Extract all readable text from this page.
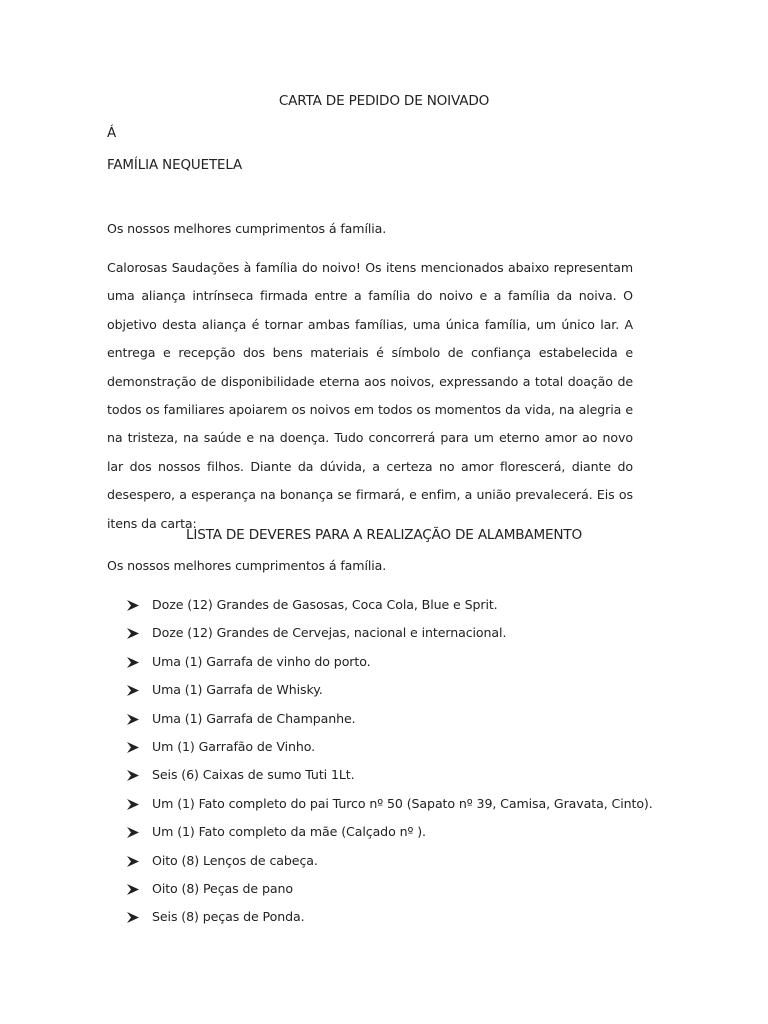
CARTA DE PEDIDO DE NOIVADO
Á
FAMÍLIA NEQUETELA
Os nossos melhores cumprimentos á família.
Calorosas Saudações à família do noivo! Os itens mencionados abaixo representam uma aliança intrínseca firmada entre a família do noivo e a família da noiva. O objetivo desta aliança é tornar ambas famílias, uma única família, um único lar. A entrega e recepção dos bens materiais é símbolo de confiança estabelecida e demonstração de disponibilidade eterna aos noivos, expressando a total doação de todos os familiares apoiarem os noivos em todos os momentos da vida, na alegria e na tristeza, na saúde e na doença. Tudo concorrerá para um eterno amor ao novo lar dos nossos filhos. Diante da dúvida, a certeza no amor florescerá, diante do desespero, a esperança na bonança se firmará, e enfim, a união prevalecerá. Eis os itens da carta:
LISTA DE DEVERES PARA A REALIZAÇÃO DE ALAMBAMENTO
Os nossos melhores cumprimentos á família.
Doze (12) Grandes de Gasosas, Coca Cola, Blue e Sprit.
Doze (12) Grandes de Cervejas, nacional e internacional.
Uma (1) Garrafa de vinho do porto.
Uma (1) Garrafa de Whisky.
Uma (1) Garrafa de Champanhe.
Um (1) Garrafão de Vinho.
Seis (6) Caixas de sumo Tuti 1Lt.
Um (1) Fato completo do pai Turco nº 50 (Sapato nº 39, Camisa, Gravata, Cinto).
Um (1) Fato completo da mãe (Calçado nº ).
Oito (8) Lenços de cabeça.
Oito (8) Peças de pano
Seis (8) peças de Ponda.
